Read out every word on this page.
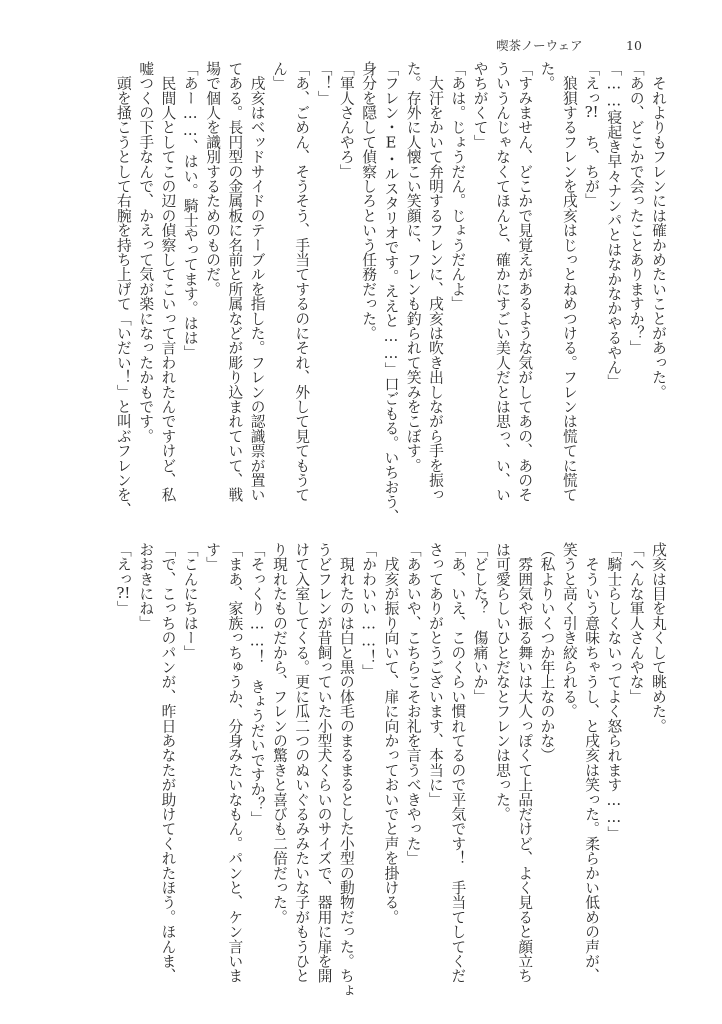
喫茶ノーウェア	10
　それよりもフレンには確かめたいことがあった。
「あの、どこかで会ったことありますか？」
「……寝起き早々ナンパとはなかなかやるやん」
「えっ?!　ち、ちが」
　狼狽するフレンを戌亥はじっとねめつける。フレンは慌てに慌て
た。
「すみません、どこかで見覚えがあるような気がしてあの、あのそ
ういうんじゃなくてほんと、確かにすごい美人だとは思っ、い、い
やちがくて」
「あは。じょうだん。じょうだんよ」
　大汗をかいて弁明するフレンに、戌亥は吹き出しながら手を振っ
た。存外に人懐こい笑顔に、フレンも釣られて笑みをこぼす。
「フレン・E・ルスタリオです。ええと……」口ごもる。いちおう、
身分を隠して偵察しろという任務だった。
「軍人さんやろ」
「！」
「あ、ごめん、そうそう、手当てするのにそれ、外して見てもうて
ん」
　戌亥はベッドサイドのテーブルを指した。フレンの認識票が置い
てある。長円型の金属板に名前と所属などが彫り込まれていて、戦
場で個人を識別するためのものだ。
「あー……、はい。騎士やってます。はは」
　民間人としてこの辺の偵察してこいって言われたんですけど、私
嘘つくの下手なんで、かえって気が楽になったかもです。
　頭を掻こうとして右腕を持ち上げて「いだい！」と叫ぶフレンを、
戌亥は目を丸くして眺めた。
「へんな軍人さんやな」
「騎士らしくないってよく怒られます……」
　そういう意味ちゃうし、と戌亥は笑った。柔らかい低めの声が、
笑うと高く引き絞られる。
（私よりいくつか年上なのかな）
　雰囲気や振る舞いは大人っぽくて上品だけど、よく見ると顔立ち
は可愛らしいひとだなとフレンは思った。
「どした？　傷痛いか」
「あ、いえ、このくらい慣れてるので平気です！　手当てしてくだ
さってありがとうございます、本当に」
「ああいや、こちらこそお礼を言うべきやった」
　戌亥が振り向いて、扉に向かっておいでと声を掛ける。
「かわいい……！」
　現れたのは白と黒の体毛のまるまるとした小型の動物だった。ちょ
うどフレンが昔飼っていた小型犬くらいのサイズで、器用に扉を開
けて入室してくる。更に瓜二つのぬいぐるみみたいな子がもうひと
り現れたものだから、フレンの驚きと喜びも二倍だった。
「そっくり……！　きょうだいですか？」
「まあ、家族っちゅうか、分身みたいなもん。パンと、ケン言いま
す」
「こんにちはー」
「で、こっちのパンが、昨日あなたが助けてくれたほう。ほんま、
おおきにね」
「えっ?!」
